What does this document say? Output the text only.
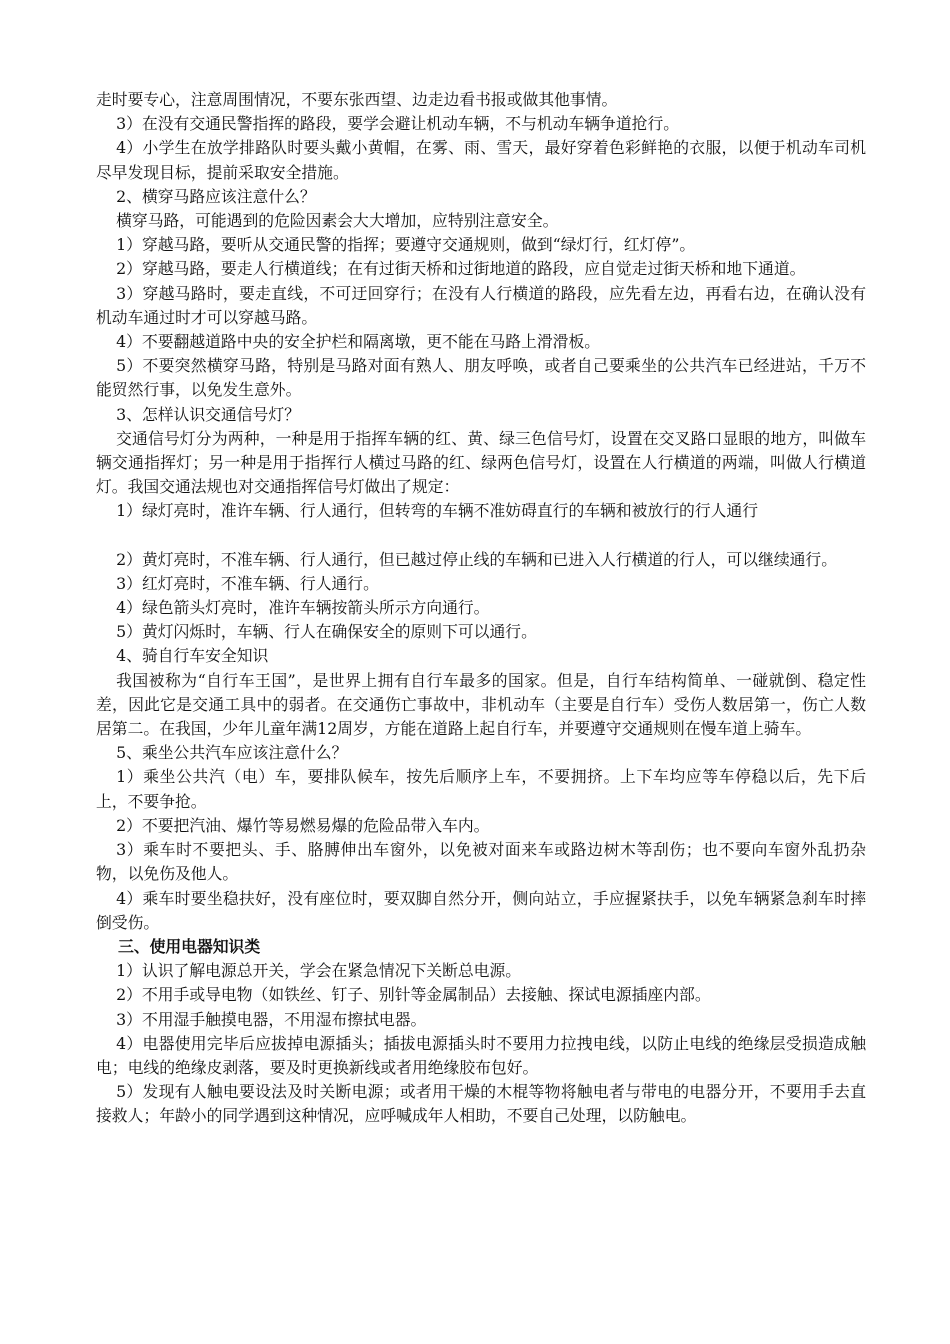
走时要专心，注意周围情况，不要东张西望、边走边看书报或做其他事情。

3）在没有交通民警指挥的路段，要学会避让机动车辆，不与机动车辆争道抢行。

4）小学生在放学排路队时要头戴小黄帽，在雾、雨、雪天，最好穿着色彩鲜艳的衣服，以便于机动车司机尽早发现目标，提前采取安全措施。

2、横穿马路应该注意什么？

横穿马路，可能遇到的危险因素会大大增加，应特别注意安全。

1）穿越马路，要听从交通民警的指挥；要遵守交通规则，做到“绿灯行，红灯停”。

2）穿越马路，要走人行横道线；在有过街天桥和过街地道的路段，应自觉走过街天桥和地下通道。

3）穿越马路时，要走直线，不可迂回穿行；在没有人行横道的路段，应先看左边，再看右边，在确认没有机动车通过时才可以穿越马路。

4）不要翻越道路中央的安全护栏和隔离墩，更不能在马路上滑滑板。

5）不要突然横穿马路，特别是马路对面有熟人、朋友呼唤，或者自己要乘坐的公共汽车已经进站，千万不能贸然行事，以免发生意外。

3、怎样认识交通信号灯？

交通信号灯分为两种，一种是用于指挥车辆的红、黄、绿三色信号灯，设置在交叉路口显眼的地方，叫做车辆交通指挥灯；另一种是用于指挥行人横过马路的红、绿两色信号灯，设置在人行横道的两端，叫做人行横道灯。我国交通法规也对交通指挥信号灯做出了规定：

1）绿灯亮时，准许车辆、行人通行，但转弯的车辆不准妨碍直行的车辆和被放行的行人通行

2）黄灯亮时，不准车辆、行人通行，但已越过停止线的车辆和已进入人行横道的行人，可以继续通行。

3）红灯亮时，不准车辆、行人通行。

4）绿色箭头灯亮时，准许车辆按箭头所示方向通行。

5）黄灯闪烁时，车辆、行人在确保安全的原则下可以通行。

4、骑自行车安全知识

我国被称为“自行车王国”，是世界上拥有自行车最多的国家。但是，自行车结构简单、一碰就倒、稳定性差，因此它是交通工具中的弱者。在交通伤亡事故中，非机动车（主要是自行车）受伤人数居第一，伤亡人数居第二。在我国，少年儿童年满12周岁，方能在道路上起自行车，并要遵守交通规则在慢车道上骑车。

5、乘坐公共汽车应该注意什么？

1）乘坐公共汽（电）车，要排队候车，按先后顺序上车，不要拥挤。上下车均应等车停稳以后，先下后上，不要争抢。

2）不要把汽油、爆竹等易燃易爆的危险品带入车内。

3）乘车时不要把头、手、胳膊伸出车窗外，以免被对面来车或路边树木等刮伤；也不要向车窗外乱扔杂物，以免伤及他人。

4）乘车时要坐稳扶好，没有座位时，要双脚自然分开，侧向站立，手应握紧扶手，以免车辆紧急刹车时摔倒受伤。

三、使用电器知识类

1）认识了解电源总开关，学会在紧急情况下关断总电源。

2）不用手或导电物（如铁丝、钉子、别针等金属制品）去接触、探试电源插座内部。

3）不用湿手触摸电器，不用湿布擦拭电器。

4）电器使用完毕后应拔掉电源插头；插拔电源插头时不要用力拉拽电线，以防止电线的绝缘层受损造成触电；电线的绝缘皮剥落，要及时更换新线或者用绝缘胶布包好。

5）发现有人触电要设法及时关断电源；或者用干燥的木棍等物将触电者与带电的电器分开，不要用手去直接救人；年龄小的同学遇到这种情况，应呼喊成年人相助，不要自己处理，以防触电。
